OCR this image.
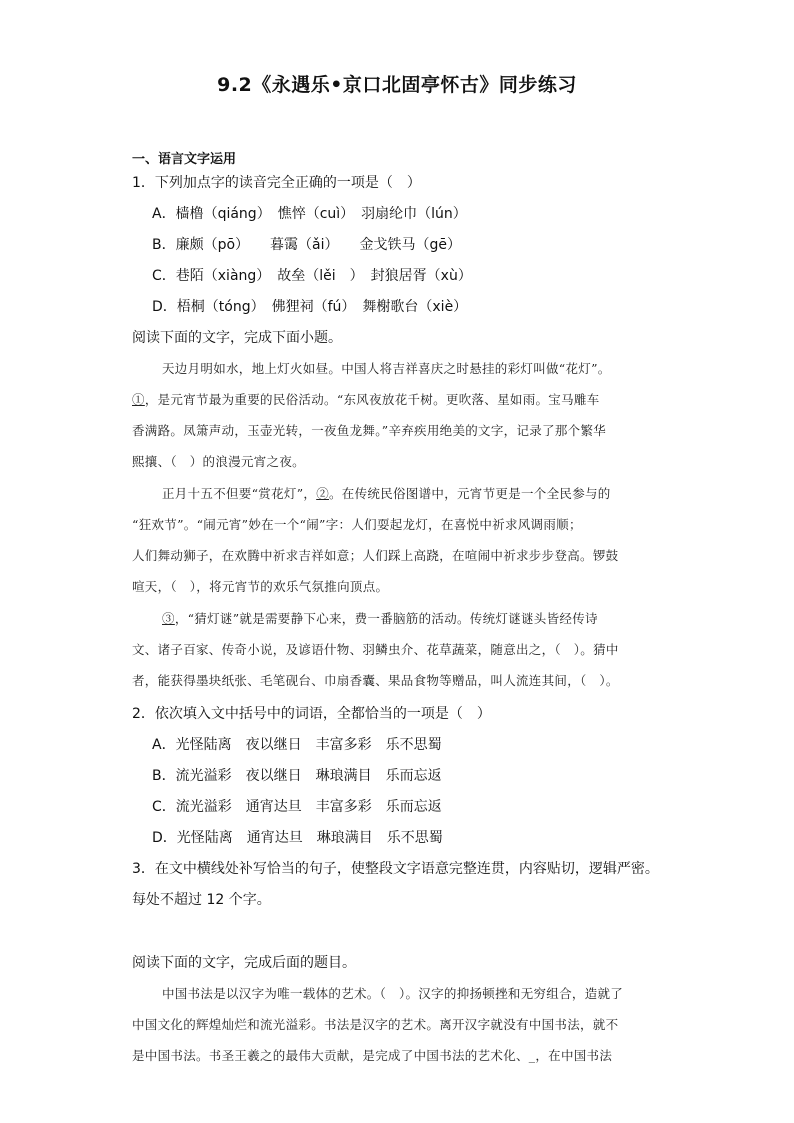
9.2《永遇乐•京口北固亭怀古》同步练习
一、语言文字运用
1．下列加点字的读音完全正确的一项是（　）
A．樯橹（qiáng）　憔悴（cuì）　羽扇纶巾（lún）
B．廉颇（pō）　　暮霭（ǎi）　　金戈铁马（gē）
C．巷陌（xiàng）　故垒（lěi　）　封狼居胥（xù）
D．梧桐（tóng）　佛狸祠（fú）　舞榭歌台（xiè）
阅读下面的文字，完成下面小题。
天边月明如水，地上灯火如昼。中国人将吉祥喜庆之时悬挂的彩灯叫做“花灯”。
①，是元宵节最为重要的民俗活动。“东风夜放花千树。更吹落、星如雨。宝马雕车
香满路。凤箫声动，玉壶光转，一夜鱼龙舞。”辛弃疾用绝美的文字，记录了那个繁华
熙攘、（　）的浪漫元宵之夜。
正月十五不但要“赏花灯”，②。在传统民俗图谱中，元宵节更是一个全民参与的
“狂欢节”。“闹元宵”妙在一个“闹”字：人们耍起龙灯，在喜悦中祈求风调雨顺；
人们舞动狮子，在欢腾中祈求吉祥如意；人们踩上高跷，在喧闹中祈求步步登高。锣鼓
喧天，（　），将元宵节的欢乐气氛推向顶点。
③，“猜灯谜”就是需要静下心来，费一番脑筋的活动。传统灯谜谜头皆经传诗
文、诸子百家、传奇小说，及谚语什物、羽鳞虫介、花草蔬菜，随意出之，（　）。猜中
者，能获得墨块纸张、毛笔砚台、巾扇香囊、果品食物等赠品，叫人流连其间，（　）。
2．依次填入文中括号中的词语，全都恰当的一项是（　）
A．光怪陆离　夜以继日　丰富多彩　乐不思蜀
B．流光溢彩　夜以继日　琳琅满目　乐而忘返
C．流光溢彩　通宵达旦　丰富多彩　乐而忘返
D．光怪陆离　通宵达旦　琳琅满目　乐不思蜀
3．在文中横线处补写恰当的句子，使整段文字语意完整连贯，内容贴切，逻辑严密。
每处不超过 12 个字。
阅读下面的文字，完成后面的题目。
中国书法是以汉字为唯一载体的艺术。（　）。汉字的抑扬顿挫和无穷组合，造就了
中国文化的辉煌灿烂和流光溢彩。书法是汉字的艺术。离开汉字就没有中国书法，就不
是中国书法。书圣王羲之的最伟大贡献，是完成了中国书法的艺术化、_，在中国书法
